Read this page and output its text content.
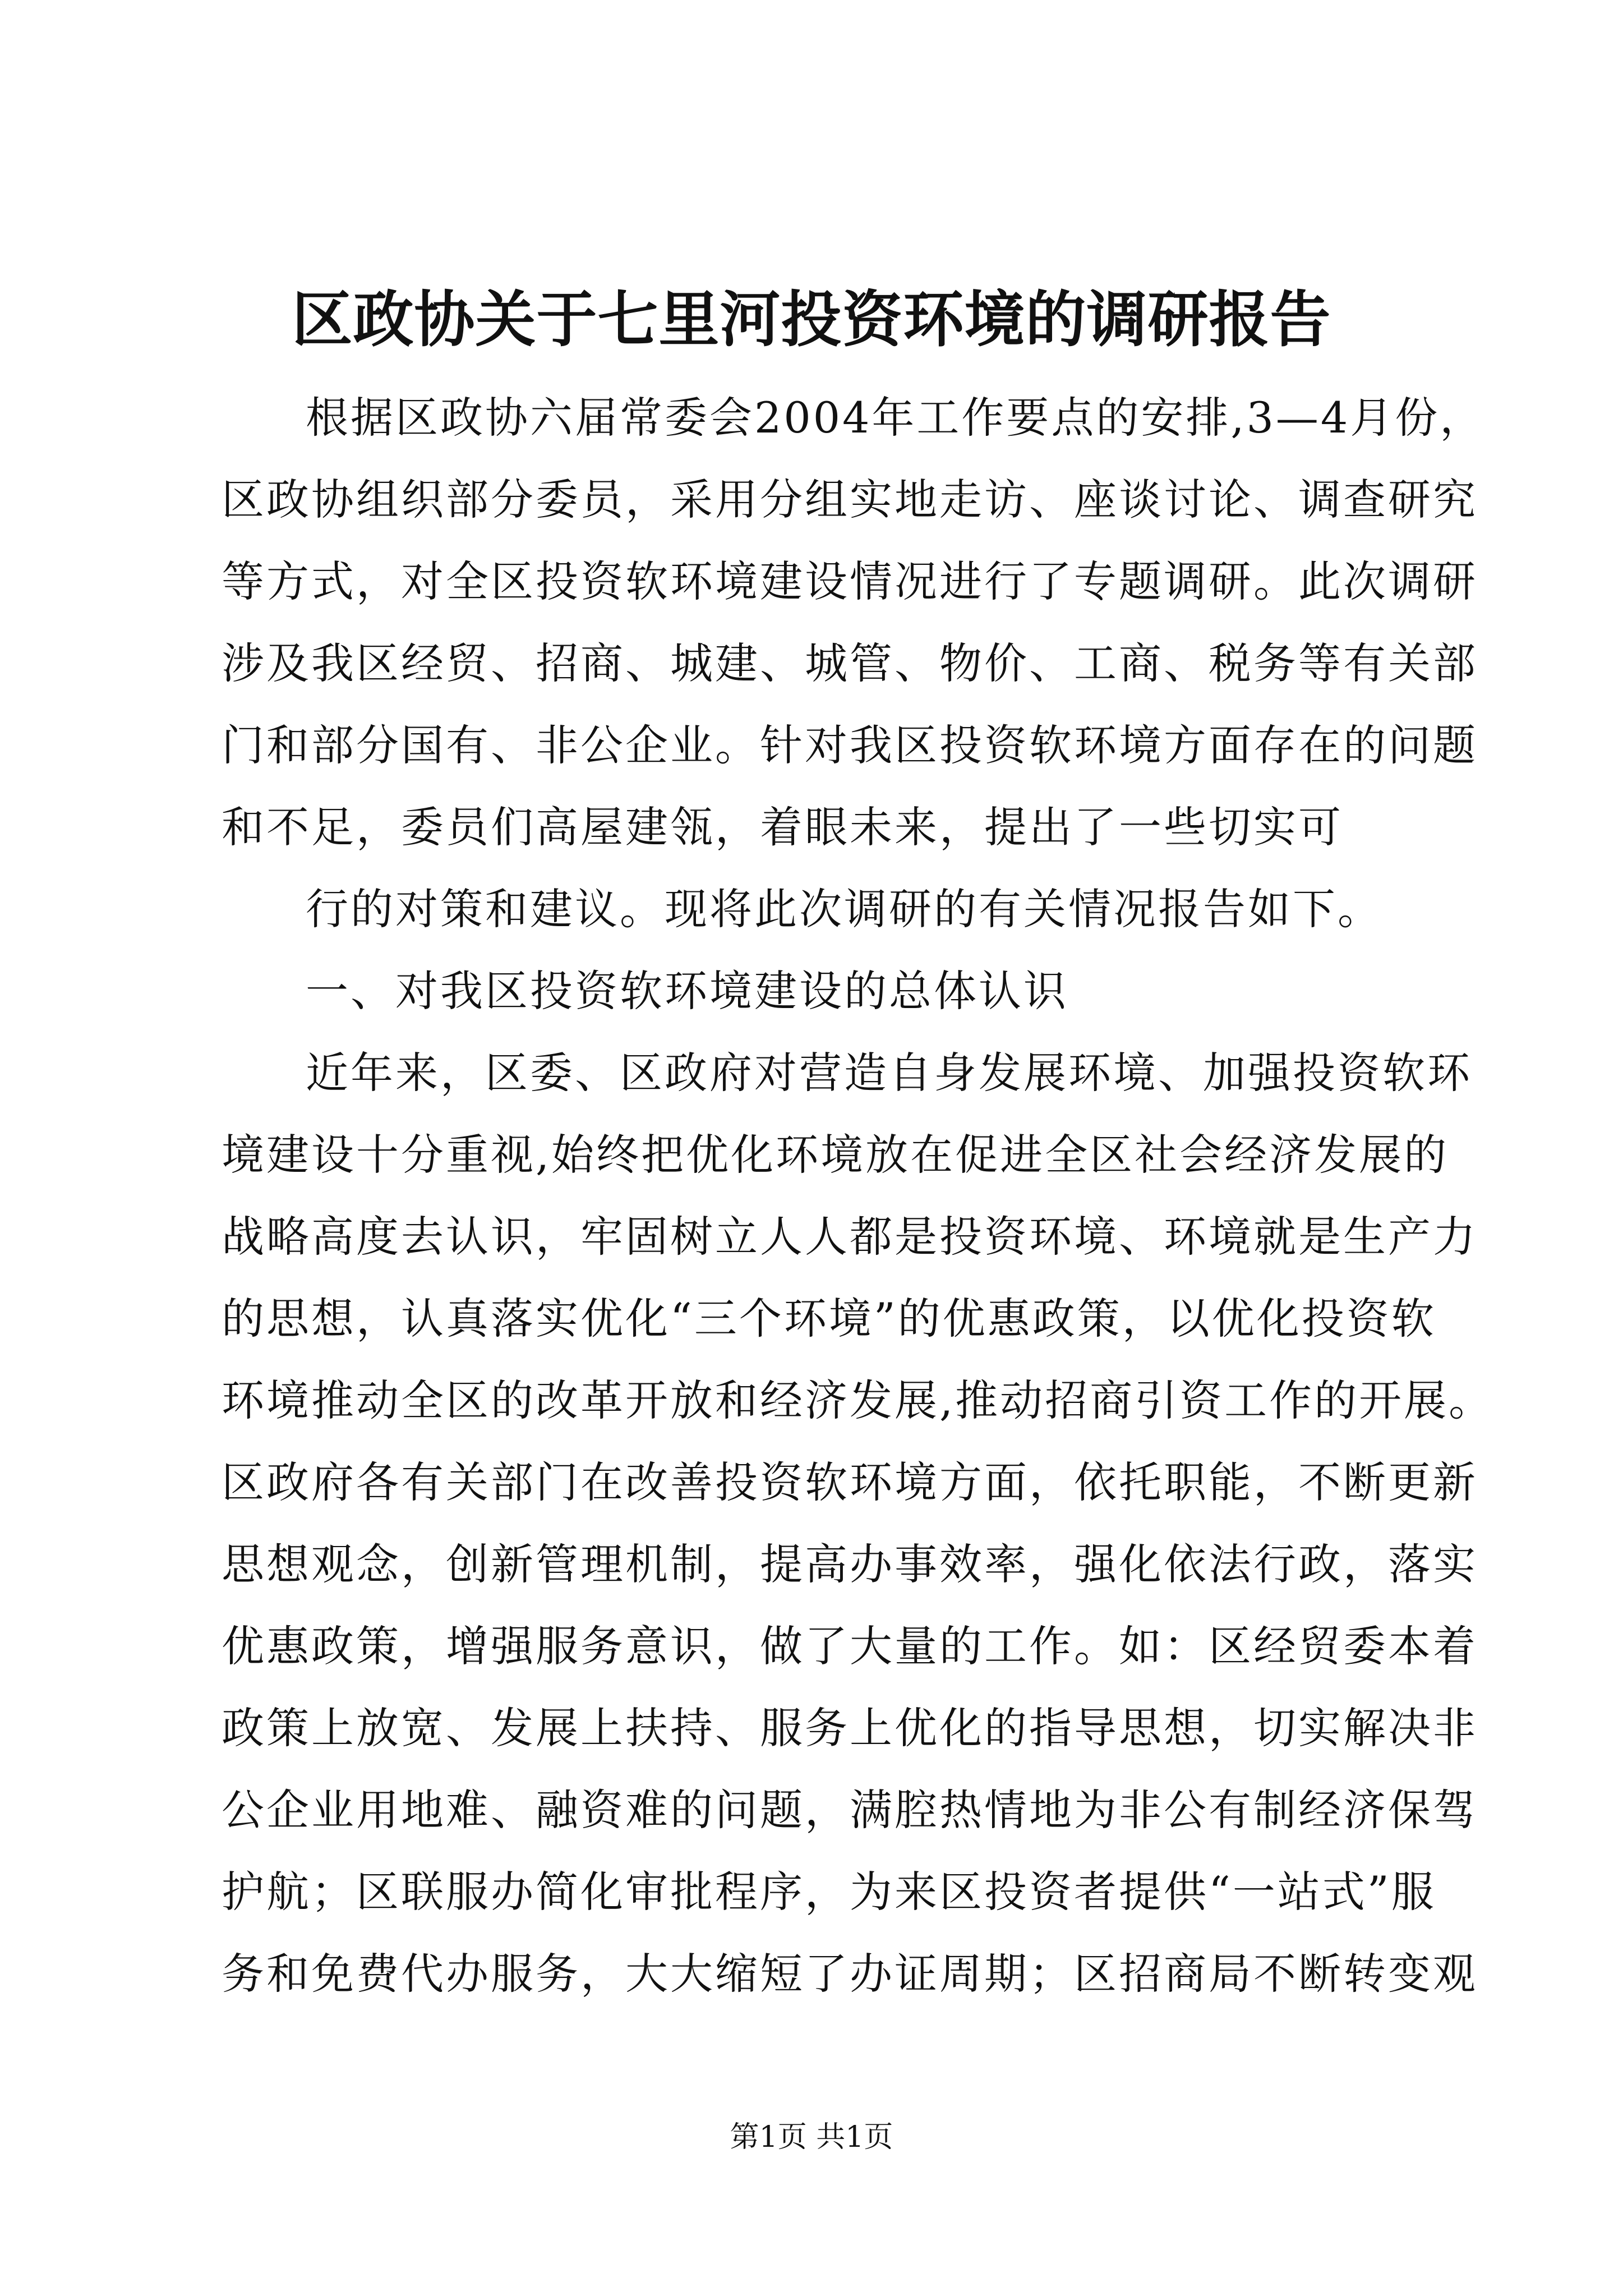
区政协关于七里河投资环境的调研报告
根据区政协六届常委会2004年工作要点的安排,3—4月份，
区政协组织部分委员，采用分组实地走访、座谈讨论、调查研究
等方式，对全区投资软环境建设情况进行了专题调研。此次调研
涉及我区经贸、招商、城建、城管、物价、工商、税务等有关部
门和部分国有、非公企业。针对我区投资软环境方面存在的问题
和不足，委员们高屋建瓴，着眼未来，提出了一些切实可
行的对策和建议。现将此次调研的有关情况报告如下。
一、对我区投资软环境建设的总体认识
近年来，区委、区政府对营造自身发展环境、加强投资软环
境建设十分重视,始终把优化环境放在促进全区社会经济发展的
战略高度去认识，牢固树立人人都是投资环境、环境就是生产力
的思想，认真落实优化“三个环境”的优惠政策，以优化投资软
环境推动全区的改革开放和经济发展,推动招商引资工作的开展。
区政府各有关部门在改善投资软环境方面，依托职能，不断更新
思想观念，创新管理机制，提高办事效率，强化依法行政，落实
优惠政策，增强服务意识，做了大量的工作。如：区经贸委本着
政策上放宽、发展上扶持、服务上优化的指导思想，切实解决非
公企业用地难、融资难的问题，满腔热情地为非公有制经济保驾
护航；区联服办简化审批程序，为来区投资者提供“一站式”服
务和免费代办服务，大大缩短了办证周期；区招商局不断转变观
第1页 共1页
